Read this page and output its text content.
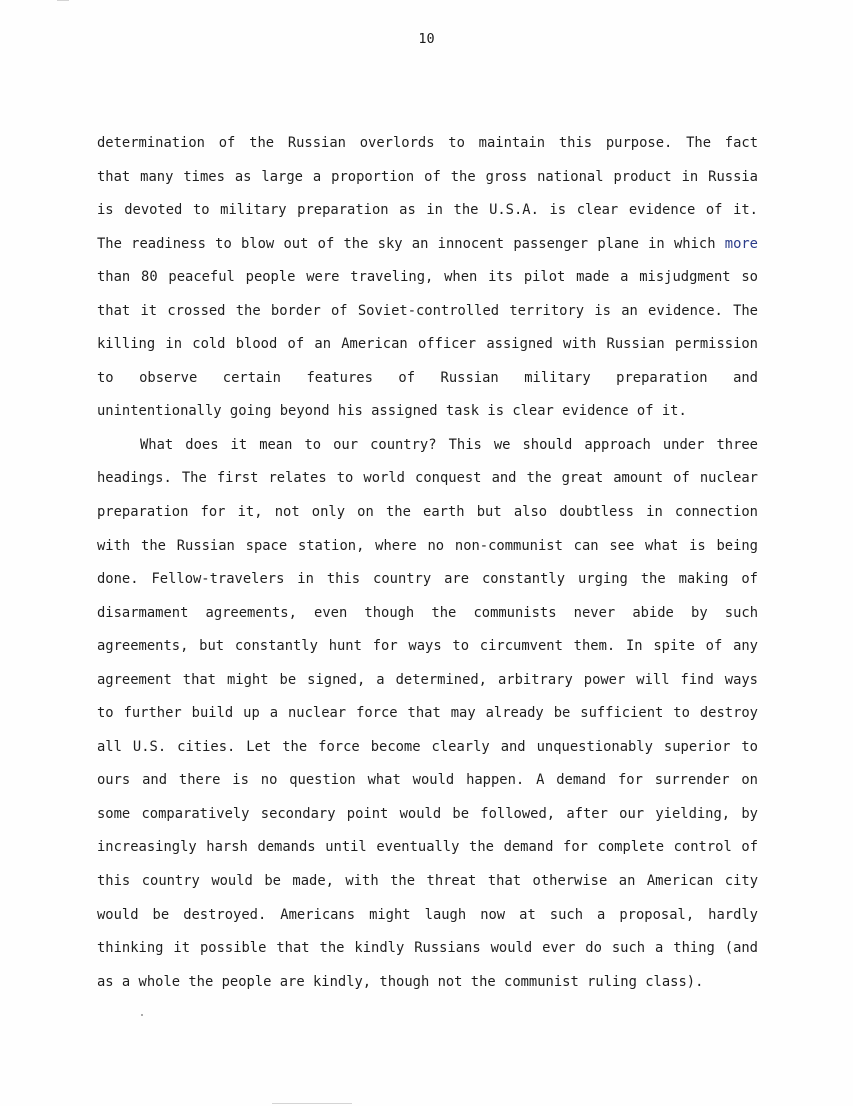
10
determination of the Russian overlords to maintain this purpose. The fact
that many times as large a proportion of the gross national product in Russia
is devoted to military preparation as in the U.S.A. is clear evidence of it.
The readiness to blow out of the sky an innocent passenger plane in which more
than 80 peaceful people were traveling, when its pilot made a misjudgment so
that it crossed the border of Soviet-controlled territory is an evidence. The
killing in cold blood of an American officer assigned with Russian permission
to observe certain features of Russian military preparation and
unintentionally going beyond his assigned task is clear evidence of it.
What does it mean to our country? This we should approach under three
headings. The first relates to world conquest and the great amount of nuclear
preparation for it, not only on the earth but also doubtless in connection
with the Russian space station, where no non-communist can see what is being
done. Fellow-travelers in this country are constantly urging the making of
disarmament agreements, even though the communists never abide by such
agreements, but constantly hunt for ways to circumvent them. In spite of any
agreement that might be signed, a determined, arbitrary power will find ways
to further build up a nuclear force that may already be sufficient to destroy
all U.S. cities. Let the force become clearly and unquestionably superior to
ours and there is no question what would happen. A demand for surrender on
some comparatively secondary point would be followed, after our yielding, by
increasingly harsh demands until eventually the demand for complete control of
this country would be made, with the threat that otherwise an American city
would be destroyed. Americans might laugh now at such a proposal, hardly
thinking it possible that the kindly Russians would ever do such a thing (and
as a whole the people are kindly, though not the communist ruling class).
